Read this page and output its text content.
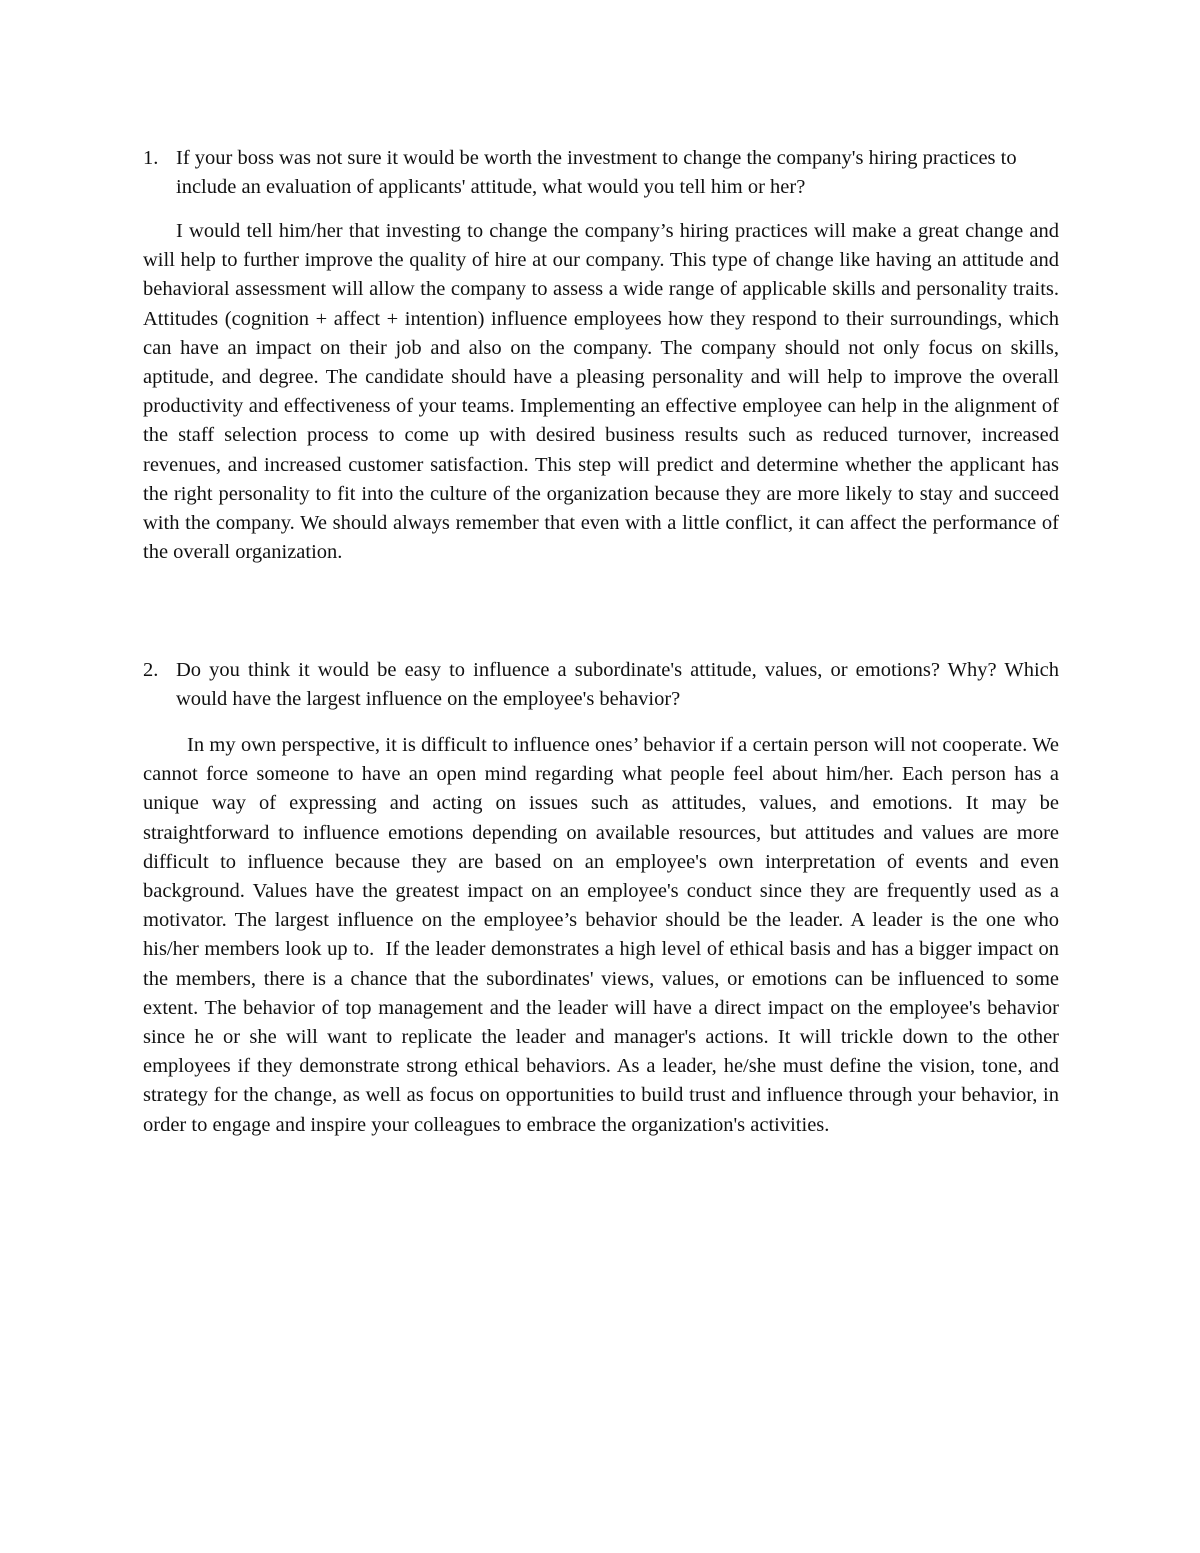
1. If your boss was not sure it would be worth the investment to change the company's hiring practices to include an evaluation of applicants' attitude, what would you tell him or her?

I would tell him/her that investing to change the company’s hiring practices will make a great change and will help to further improve the quality of hire at our company. This type of change like having an attitude and behavioral assessment will allow the company to assess a wide range of applicable skills and personality traits. Attitudes (cognition + affect + intention) influence employees how they respond to their surroundings, which can have an impact on their job and also on the company. The company should not only focus on skills, aptitude, and degree. The candidate should have a pleasing personality and will help to improve the overall productivity and effectiveness of your teams. Implementing an effective employee can help in the alignment of the staff selection process to come up with desired business results such as reduced turnover, increased revenues, and increased customer satisfaction. This step will predict and determine whether the applicant has the right personality to fit into the culture of the organization because they are more likely to stay and succeed with the company. We should always remember that even with a little conflict, it can affect the performance of the overall organization.

2. Do you think it would be easy to influence a subordinate's attitude, values, or emotions? Why? Which would have the largest influence on the employee's behavior?

In my own perspective, it is difficult to influence ones’ behavior if a certain person will not cooperate. We cannot force someone to have an open mind regarding what people feel about him/her. Each person has a unique way of expressing and acting on issues such as attitudes, values, and emotions. It may be straightforward to influence emotions depending on available resources, but attitudes and values are more difficult to influence because they are based on an employee's own interpretation of events and even background. Values have the greatest impact on an employee's conduct since they are frequently used as a motivator. The largest influence on the employee’s behavior should be the leader. A leader is the one who his/her members look up to.  If the leader demonstrates a high level of ethical basis and has a bigger impact on the members, there is a chance that the subordinates' views, values, or emotions can be influenced to some extent. The behavior of top management and the leader will have a direct impact on the employee's behavior since he or she will want to replicate the leader and manager's actions. It will trickle down to the other employees if they demonstrate strong ethical behaviors. As a leader, he/she must define the vision, tone, and strategy for the change, as well as focus on opportunities to build trust and influence through your behavior, in order to engage and inspire your colleagues to embrace the organization's activities.
